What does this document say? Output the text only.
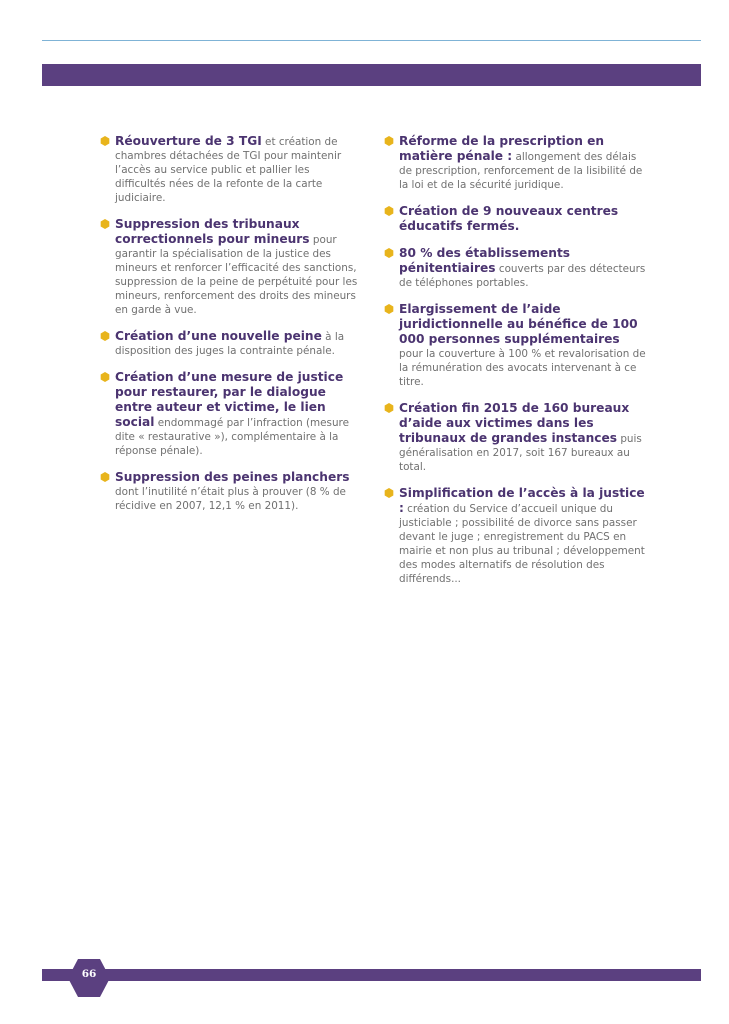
Réouverture de 3 TGI et création de chambres détachées de TGI pour maintenir l’accès au service public et pallier les difficultés nées de la refonte de la carte judiciaire.
Suppression des tribunaux correctionnels pour mineurs pour garantir la spécialisation de la justice des mineurs et renforcer l’efficacité des sanctions, suppression de la peine de perpétuité pour les mineurs, renforcement des droits des mineurs en garde à vue.
Création d’une nouvelle peine à la disposition des juges la contrainte pénale.
Création d’une mesure de justice pour restaurer, par le dialogue entre auteur et victime, le lien social endommagé par l’infraction (mesure dite « restaurative »), complémentaire à la réponse pénale).
Suppression des peines planchers dont l’inutilité n’était plus à prouver (8 % de récidive en 2007, 12,1 % en 2011).
Réforme de la prescription en matière pénale : allongement des délais de prescription, renforcement de la lisibilité de la loi et de la sécurité juridique.
Création de 9 nouveaux centres éducatifs fermés.
80 % des établissements pénitentiaires couverts par des détecteurs de téléphones portables.
Elargissement de l’aide juridictionnelle au bénéfice de 100 000 personnes supplémentaires pour la couverture à 100 % et revalorisation de la rémunération des avocats intervenant à ce titre.
Création fin 2015 de 160 bureaux d’aide aux victimes dans les tribunaux de grandes instances puis généralisation en 2017, soit 167 bureaux au total.
Simplification de l’accès à la justice : création du Service d’accueil unique du justiciable ; possibilité de divorce sans passer devant le juge ; enregistrement du PACS en mairie et non plus au tribunal ; développement des modes alternatifs de résolution des différends...
66
